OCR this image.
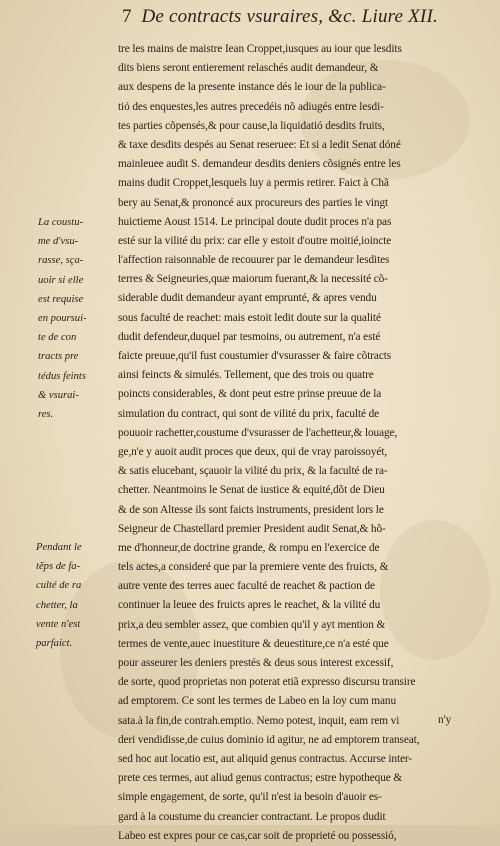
7 De contracts vsuraires, &c. Liure XII.
tre les mains de maistre Iean Croppet,iusques au iour que lesdits
dits biens seront entierement relaschés audit demandeur, &
aux despens de la presente instance dés le iour de la publica-
tió des enquestes,les autres precedéis nõ adiugés entre lesdi-
tes parties cõpensés,& pour cause,la liquidatió desdits fruits,
& taxe desdits despés au Senat reseruee: Et si a ledit Senat dóné
mainleuee audit S. demandeur desdits deniers cõsignés entre les
mains dudit Croppet,lesquels luy a permis retirer. Faict à Chã
bery au Senat,& prononcé aux procureurs des parties le vingt
huictieme Aoust 1514. Le principal doute dudit proces n'a pas
esté sur la vilité du prix: car elle y estoit d'outre moitié,ioincte
l'affection raisonnable de recouurer par le demandeur lesdites
terres & Seigneuries,quæ maiorum fuerant,& la necessité cõ-
siderable dudit demandeur ayant emprunté, & apres vendu
sous faculté de reachet: mais estoit ledit doute sur la qualité
dudit defendeur,duquel par tesmoins, ou autrement, n'a esté
faicte preuue,qu'il fust coustumier d'vsurasser & faire cõtracts
ainsi feincts & simulés. Tellement, que des trois ou quatre
poincts considerables, & dont peut estre prinse preuue de la
simulation du contract, qui sont de vilité du prix, faculté de
pouuoir rachetter,coustume d'vsurasser de l'achetteur,& louage,
ge,n'e y auoit audit proces que deux, qui de vray paroissoyét,
& satis elucebant, sçauoir la vilité du prix, & la faculté de ra-
chetter. Neantmoins le Senat de iustice & equité,dõt de Dieu
& de son Altesse ils sont faicts instruments, president lors le
Seigneur de Chastellard premier President audit Senat,& hõ-
me d'honneur,de doctrine grande, & rompu en l'exercice de
tels actes,a consideré que par la premiere vente des fruicts, &
autre vente des terres auec faculté de reachet & paction de
continuer la leuee des fruicts apres le reachet, & la vilité du
prix,a deu sembler assez, que combien qu'il y ayt mention &
termes de vente,auec inuestiture & deuestiture,ce n'a esté que
pour asseurer les deniers prestés & deus sous interest excessif,
de sorte, quod proprietas non poterat etiã expresso discursu transire
ad emptorem. Ce sont les termes de Labeo en la loy cum manu
sata.à la fin,de contrah.emptio. Nemo potest, inquit, eam rem vi
deri vendidisse,de cuius dominio id agitur, ne ad emptorem transeat,
sed hoc aut locatio est, aut aliquid genus contractus. Accurse inter-
prete ces termes, aut aliud genus contractus; estre hypotheque &
simple engagement, de sorte, qu'il n'est ia besoin d'auoir es-
gard à la coustume du creancier contractant. Le propos dudit
Labeo est expres pour ce cas,car soit de proprieté ou possessió,
La coustu-
me d'vsu-
rasse, sça-
uoir si elle
est requise
en poursui-
te de con
tracts pre
tédus feints
& vsurai-
res.
Pendant le
tẽps de fa-
culté de ra
chetter, la
vente n'est
parfaict.
n'y
